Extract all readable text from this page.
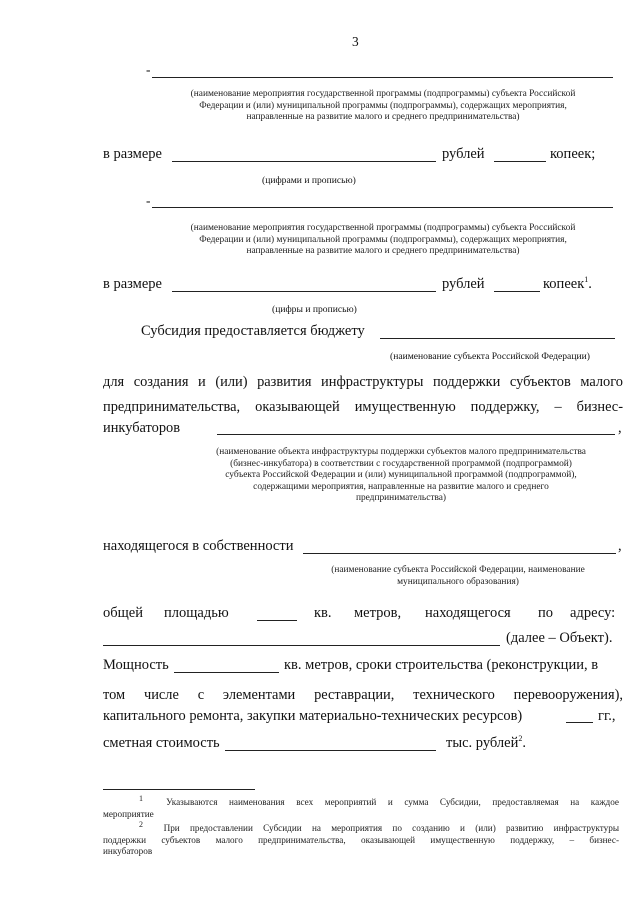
3
-
(наименование мероприятия государственной программы (подпрограммы) субъекта Российской
Федерации и (или) муниципальной программы (подпрограммы), содержащих мероприятия,
направленные на развитие малого и среднего предпринимательства)
в размере	рублей	копеек;
(цифрами и прописью)
-
(наименование мероприятия государственной программы (подпрограммы) субъекта Российской
Федерации и (или) муниципальной программы (подпрограммы), содержащих мероприятия,
направленные на развитие малого и среднего предпринимательства)
в размере	рублей	копеек$^1$.
(цифры и прописью)
Субсидия предоставляется бюджету
(наименование субъекта Российской Федерации)
для создания и (или) развития инфраструктуры поддержки субъектов малого
предпринимательства, оказывающей имущественную поддержку, – бизнес-
инкубаторов	,
(наименование объекта инфраструктуры поддержки субъектов малого предпринимательства
(бизнес-инкубатора) в соответствии с государственной программой (подпрограммой)
субъекта Российской Федерации и (или) муниципальной программой (подпрограммой),
содержащими мероприятия, направленные на развитие малого и среднего
предпринимательства)
находящегося в собственности	,
(наименование субъекта Российской Федерации, наименование
муниципального образования)
общей площадью	кв. метров, находящегося по адресу:
(далее – Объект).
Мощность	кв. метров, сроки строительства (реконструкции, в
том числе с элементами реставрации, технического перевооружения),
капитального ремонта, закупки материально-технических ресурсов)	гг.,
сметная стоимость	тыс. рублей$^2$.
$^1$	Указываются наименования всех мероприятий и сумма Субсидии, предоставляемая на каждое
мероприятие
$^2$ При предоставлении Субсидии на мероприятия по созданию и (или) развитию инфраструктуры
поддержки субъектов малого предпринимательства, оказывающей имущественную поддержку, – бизнес-
инкубаторов
